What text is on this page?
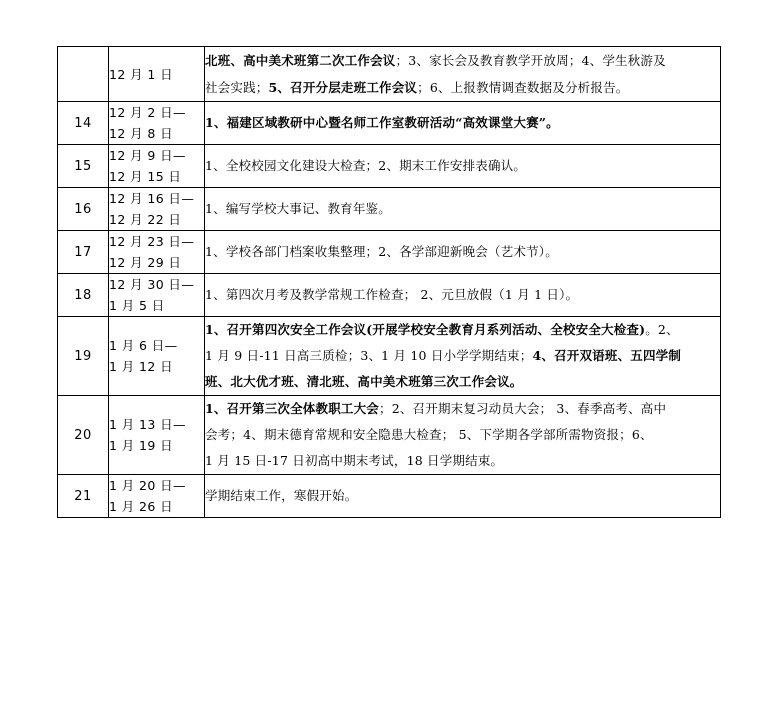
	12 月 1 日	北班、高中美术班第二次工作会议；3、家长会及教育教学开放周；4、学生秋游及
社会实践；5、召开分层走班工作会议；6、上报教情调查数据及分析报告。

14	12 月 2 日—
12 月 8 日	1、福建区域教研中心暨名师工作室教研活动“高效课堂大赛”。

15	12 月 9 日—
12 月 15 日	1、全校校园文化建设大检查；2、期末工作安排表确认。

16	12 月 16 日—
12 月 22 日	1、编写学校大事记、教育年鉴。

17	12 月 23 日—
12 月 29 日	1、学校各部门档案收集整理；2、各学部迎新晚会（艺术节）。

18	12 月 30 日—
1 月 5 日	1、第四次月考及教学常规工作检查； 2、元旦放假（1 月 1 日）。

19	1 月 6 日—
1 月 12 日	1、召开第四次安全工作会议(开展学校安全教育月系列活动、全校安全大检查)。2、
1 月 9 日-11 日高三质检；3、1 月 10 日小学学期结束；4、召开双语班、五四学制
班、北大优才班、清北班、高中美术班第三次工作会议。

20	1 月 13 日—
1 月 19 日	1、召开第三次全体教职工大会；2、召开期末复习动员大会； 3、春季高考、高中
会考；4、期末德育常规和安全隐患大检查； 5、下学期各学部所需物资报；6、
1 月 15 日-17 日初高中期末考试，18 日学期结束。

21	1 月 20 日—
1 月 26 日	学期结束工作，寒假开始。
